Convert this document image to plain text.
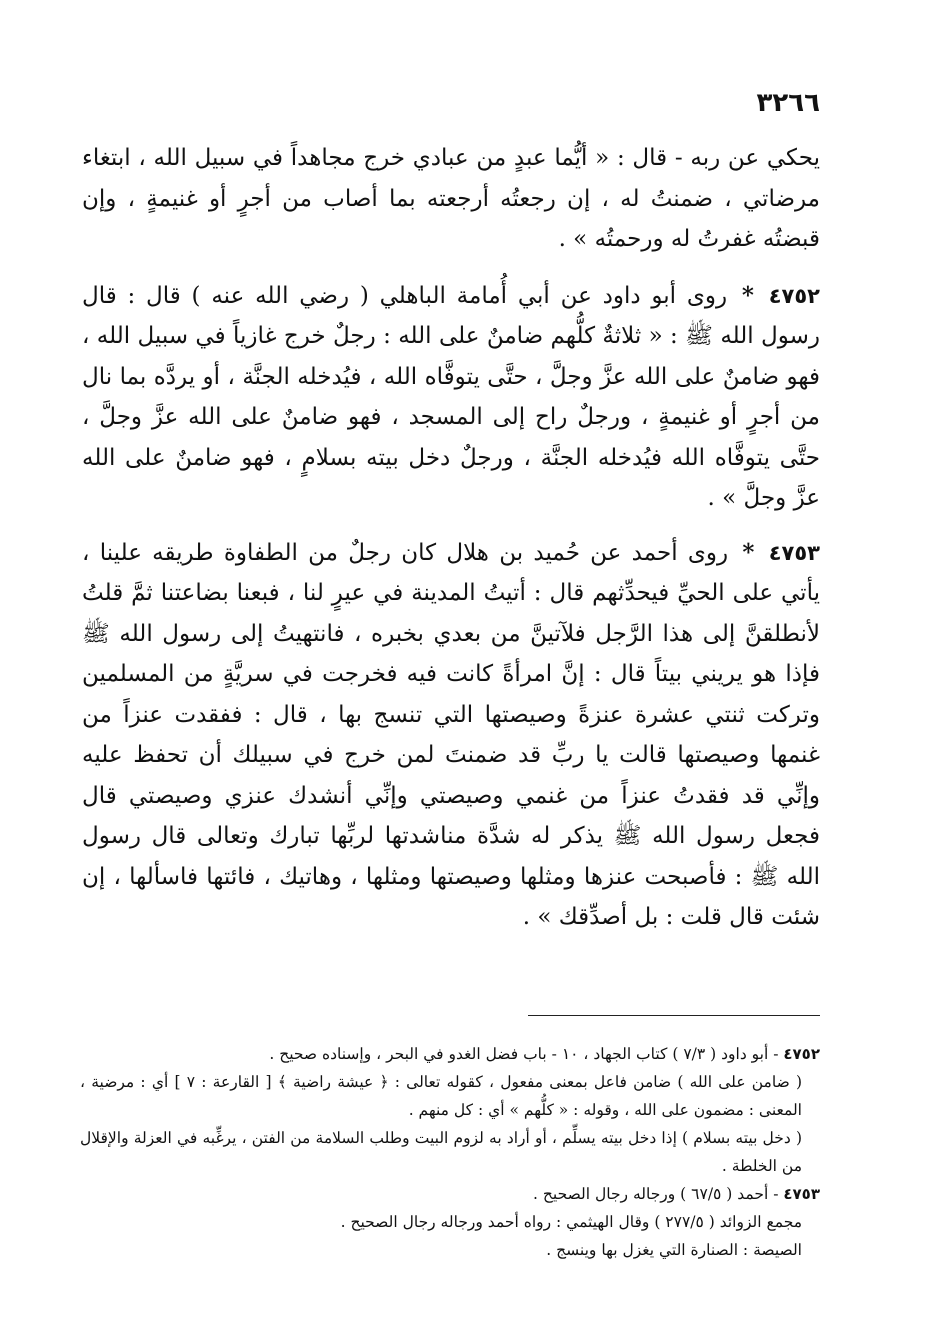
٣٢٦٦

يحكي عن ربه - قال : « أيُّما عبدٍ من عبادي خرج مجاهداً في سبيل الله ، ابتغاء مرضاتي ، ضمنتُ له ، إن رجعتُه أرجعته بما أصاب من أجرٍ أو غنيمةٍ ، وإن قبضتُه غفرتُ له ورحمتُه » .

٤٧٥٢ * روى أبو داود عن أبي أُمامة الباهلي ( رضي الله عنه ) قال : قال رسول الله ﷺ : « ثلاثةٌ كلُّهم ضامنٌ على الله : رجلٌ خرج غازياً في سبيل الله ، فهو ضامنٌ على الله عزَّ وجلَّ ، حتَّى يتوفَّاه الله ، فيُدخله الجنَّة ، أو يردَّه بما نال من أجرٍ أو غنيمةٍ ، ورجلٌ راح إلى المسجد ، فهو ضامنٌ على الله عزَّ وجلَّ ، حتَّى يتوفَّاه الله فيُدخله الجنَّة ، ورجلٌ دخل بيته بسلامٍ ، فهو ضامنٌ على الله عزَّ وجلَّ » .

٤٧٥٣ * روى أحمد عن حُميد بن هلال كان رجلٌ من الطفاوة طريقه علينا ، يأتي على الحيِّ فيحدِّثهم قال : أتيتُ المدينة في عيرٍ لنا ، فبعنا بضاعتنا ثمَّ قلتُ لأنطلقنَّ إلى هذا الرَّجل فلآتينَّ من بعدي بخبره ، فانتهيتُ إلى رسول الله ﷺ فإذا هو يريني بيتاً قال : إنَّ امرأةً كانت فيه فخرجت في سريَّةٍ من المسلمين وتركت ثنتي عشرة عنزةً وصيصتها التي تنسج بها ، قال : ففقدت عنزاً من غنمها وصيصتها قالت يا ربِّ قد ضمنتَ لمن خرج في سبيلك أن تحفظ عليه وإنِّي قد فقدتُ عنزاً من غنمي وصيصتي وإنِّي أنشدك عنزي وصيصتي قال فجعل رسول الله ﷺ يذكر له شدَّة مناشدتها لربِّها تبارك وتعالى قال رسول الله ﷺ : فأصبحت عنزها ومثلها وصيصتها ومثلها ، وهاتيك ، فائتها فاسألها ، إن شئت قال قلت : بل أصدِّقك » .

٤٧٥٢ - أبو داود ( ٧/٣ ) كتاب الجهاد ، ١٠ - باب فضل الغدو في البحر ، وإسناده صحيح .

( ضامن على الله ) ضامن فاعل بمعنى مفعول ، كقوله تعالى : ﴿ عيشة راضية ﴾ [ القارعة : ٧ ] أي : مرضية ، المعنى : مضمون على الله ، وقوله : « كلُّهم » أي : كل منهم .

( دخل بيته بسلام ) إذا دخل بيته يسلِّم ، أو أراد به لزوم البيت وطلب السلامة من الفتن ، يرغِّبه في العزلة والإقلال من الخلطة .

٤٧٥٣ - أحمد ( ٦٧/٥ ) ورجاله رجال الصحيح .

مجمع الزوائد ( ٢٧٧/٥ ) وقال الهيثمي : رواه أحمد ورجاله رجال الصحيح .

الصيصة : الصنارة التي يغزل بها وينسج .
